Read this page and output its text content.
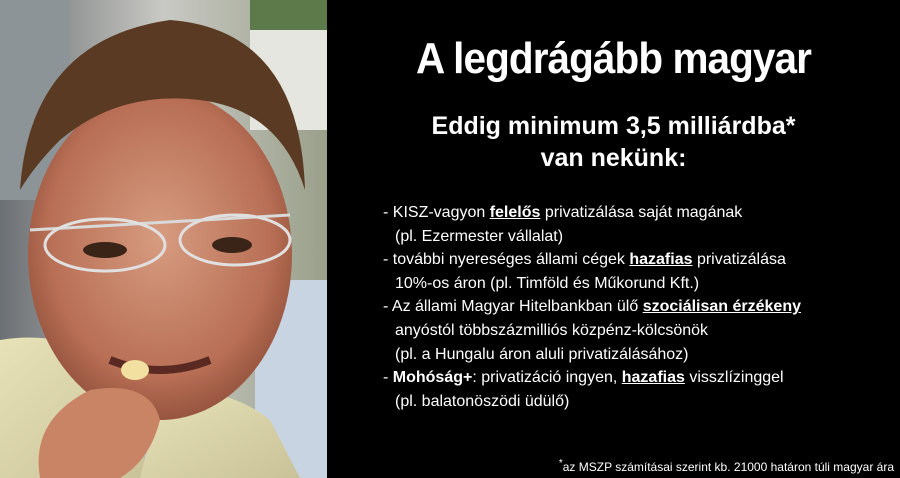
A legdrágább magyar
Eddig minimum 3,5 milliárdba*
van nekünk:
- KISZ-vagyon felelős privatizálása saját magának
(pl. Ezermester vállalat)
- további nyereséges állami cégek hazafias privatizálása
10%-os áron (pl. Timföld és Műkorund Kft.)
- Az állami Magyar Hitelbankban ülő szociálisan érzékeny
anyóstól többszázmilliós közpénz-kölcsönök
(pl. a Hungalu áron aluli privatizálásához)
- Mohóság+: privatizáció ingyen, hazafias visszlízinggel
(pl. balatonöszödi üdülő)
*az MSZP számításai szerint kb. 21000 határon túli magyar ára
